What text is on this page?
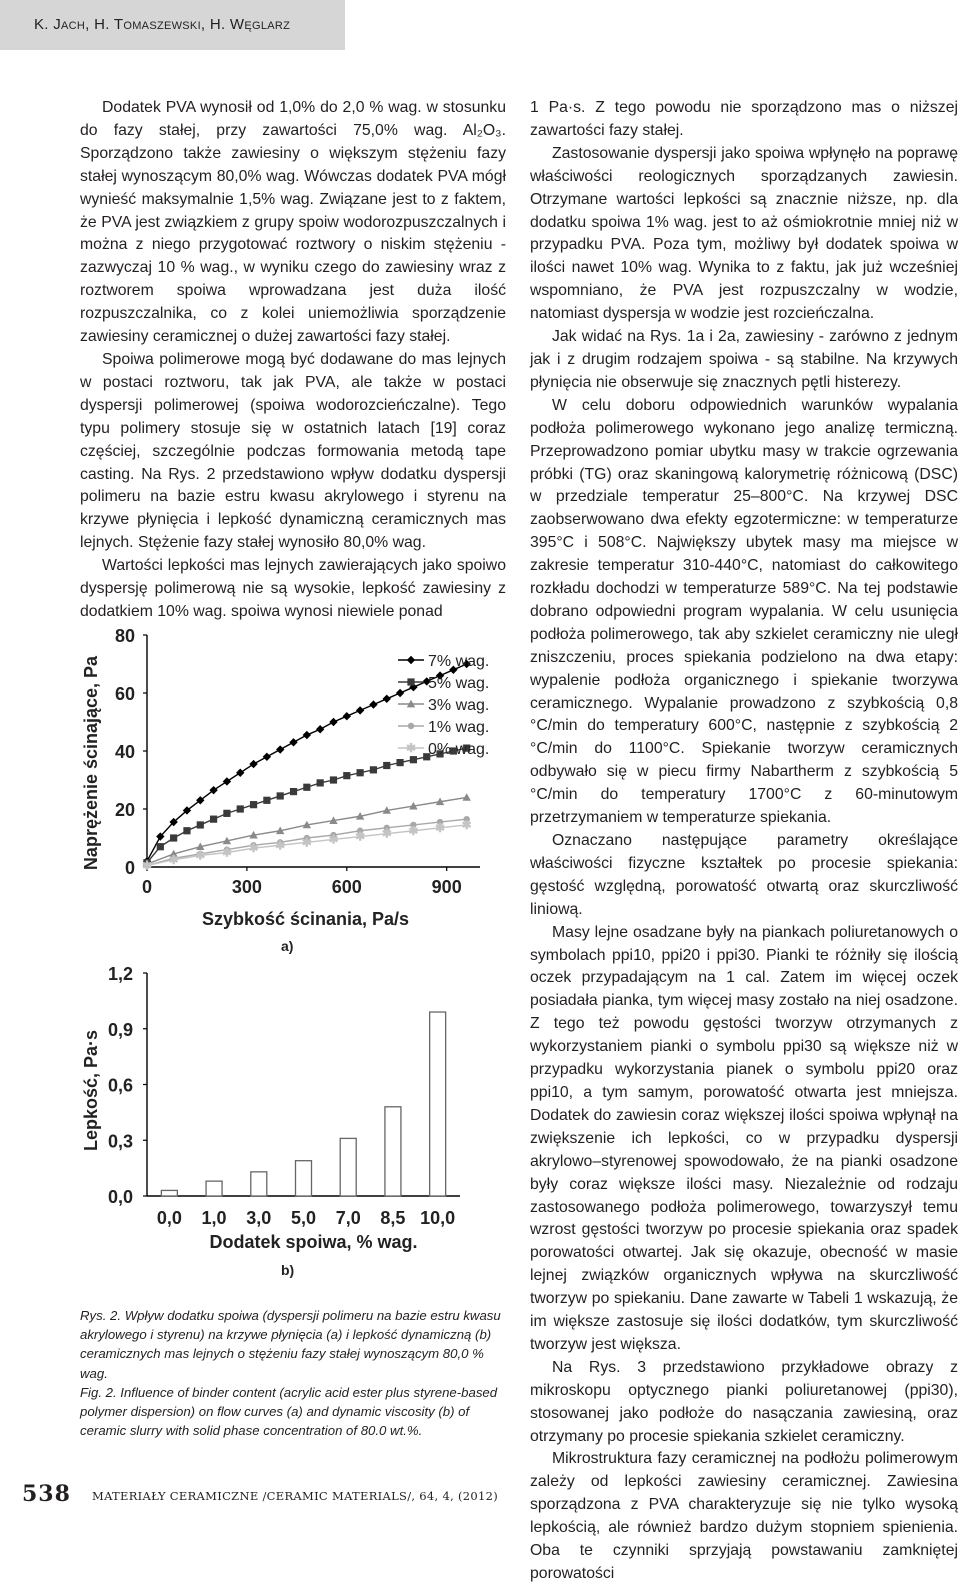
K. Jach, H. Tomaszewski, H. Węglarz

Dodatek PVA wynosił od 1,0% do 2,0 % wag. w stosunku do fazy stałej, przy zawartości 75,0% wag. Al₂O₃. Sporządzono także zawiesiny o większym stężeniu fazy stałej wynoszącym 80,0% wag. Wówczas dodatek PVA mógł wynieść maksymalnie 1,5% wag. Związane jest to z faktem, że PVA jest związkiem z grupy spoiw wodorozpuszczalnych i można z niego przygotować roztwory o niskim stężeniu - zazwyczaj 10 % wag., w wyniku czego do zawiesiny wraz z roztworem spoiwa wprowadzana jest duża ilość rozpuszczalnika, co z kolei uniemożliwia sporządzenie zawiesiny ceramicznej o dużej zawartości fazy stałej.

Spoiwa polimerowe mogą być dodawane do mas lejnych w postaci roztworu, tak jak PVA, ale także w postaci dyspersji polimerowej (spoiwa wodorozcieńczalne). Tego typu polimery stosuje się w ostatnich latach [19] coraz częściej, szczególnie podczas formowania metodą tape casting. Na Rys. 2 przedstawiono wpływ dodatku dyspersji polimeru na bazie estru kwasu akrylowego i styrenu na krzywe płynięcia i lepkość dynamiczną ceramicznych mas lejnych. Stężenie fazy stałej wynosiło 80,0% wag.

Wartości lepkości mas lejnych zawierających jako spoiwo dyspersję polimerową nie są wysokie, lepkość zawiesiny z dodatkiem 10% wag. spoiwa wynosi niewiele ponad

0
20
40
60
80
0	300	600	900
Szybkość ścinania, Pa/s
Naprężenie ścinające, Pa	✱ ✱ ✱ ✱ ✱ ✱ ✱ ✱ ✱ ✱ ✱ ✱ ✱
7% wag.
5% wag.
3% wag.
1% wag.
✱ 0% wag.
a)
0,0
0,3
0,6
0,9
1,2
0,0 1,0 3,0 5,0 7,0 8,5 10,0
Dodatek spoiwa, % wag.
Lepkość, Pa·s
b)

Rys. 2. Wpływ dodatku spoiwa (dyspersji polimeru na bazie estru kwasu akrylowego i styrenu) na krzywe płynięcia (a) i lepkość dynamiczną (b) ceramicznych mas lejnych o stężeniu fazy stałej wynoszącym 80,0 % wag.

Fig. 2. Influence of binder content (acrylic acid ester plus styrene-based polymer dispersion) on flow curves (a) and dynamic viscosity (b) of ceramic slurry with solid phase concentration of 80.0 wt.%.

1 Pa·s. Z tego powodu nie sporządzono mas o niższej zawartości fazy stałej.

Zastosowanie dyspersji jako spoiwa wpłynęło na poprawę właściwości reologicznych sporządzanych zawiesin. Otrzymane wartości lepkości są znacznie niższe, np. dla dodatku spoiwa 1% wag. jest to aż ośmiokrotnie mniej niż w przypadku PVA. Poza tym, możliwy był dodatek spoiwa w ilości nawet 10% wag. Wynika to z faktu, jak już wcześniej wspomniano, że PVA jest rozpuszczalny w wodzie, natomiast dyspersja w wodzie jest rozcieńczalna.

Jak widać na Rys. 1a i 2a, zawiesiny - zarówno z jednym jak i z drugim rodzajem spoiwa - są stabilne. Na krzywych płynięcia nie obserwuje się znacznych pętli histerezy.

W celu doboru odpowiednich warunków wypalania podłoża polimerowego wykonano jego analizę termiczną. Przeprowadzono pomiar ubytku masy w trakcie ogrzewania próbki (TG) oraz skaningową kalorymetrię różnicową (DSC) w przedziale temperatur 25–800°C. Na krzywej DSC zaobserwowano dwa efekty egzotermiczne: w temperaturze 395°C i 508°C. Największy ubytek masy ma miejsce w zakresie temperatur 310-440°C, natomiast do całkowitego rozkładu dochodzi w temperaturze 589°C. Na tej podstawie dobrano odpowiedni program wypalania. W celu usunięcia podłoża polimerowego, tak aby szkielet ceramiczny nie uległ zniszczeniu, proces spiekania podzielono na dwa etapy: wypalenie podłoża organicznego i spiekanie tworzywa ceramicznego. Wypalanie prowadzono z szybkością 0,8 °C/min do temperatury 600°C, następnie z szybkością 2 °C/min do 1100°C. Spiekanie tworzyw ceramicznych odbywało się w piecu firmy Nabartherm z szybkością 5 °C/min do temperatury 1700°C z 60-minutowym przetrzymaniem w temperaturze spiekania.

Oznaczano następujące parametry określające właściwości fizyczne kształtek po procesie spiekania: gęstość względną, porowatość otwartą oraz skurczliwość liniową.

Masy lejne osadzane były na piankach poliuretanowych o symbolach ppi10, ppi20 i ppi30. Pianki te różniły się ilością oczek przypadającym na 1 cal. Zatem im więcej oczek posiadała pianka, tym więcej masy zostało na niej osadzone. Z tego też powodu gęstości tworzyw otrzymanych z wykorzystaniem pianki o symbolu ppi30 są większe niż w przypadku wykorzystania pianek o symbolu ppi20 oraz ppi10, a tym samym, porowatość otwarta jest mniejsza. Dodatek do zawiesin coraz większej ilości spoiwa wpłynął na zwiększenie ich lepkości, co w przypadku dyspersji akrylowo–styrenowej spowodowało, że na pianki osadzone były coraz większe ilości masy. Niezależnie od rodzaju zastosowanego podłoża polimerowego, towarzyszył temu wzrost gęstości tworzyw po procesie spiekania oraz spadek porowatości otwartej. Jak się okazuje, obecność w masie lejnej związków organicznych wpływa na skurczliwość tworzyw po spiekaniu. Dane zawarte w Tabeli 1 wskazują, że im większe zastosuje się ilości dodatków, tym skurczliwość tworzyw jest większa.

Na Rys. 3 przedstawiono przykładowe obrazy z mikroskopu optycznego pianki poliuretanowej (ppi30), stosowanej jako podłoże do nasączania zawiesiną, oraz otrzymany po procesie spiekania szkielet ceramiczny.

Mikrostruktura fazy ceramicznej na podłożu polimerowym zależy od lepkości zawiesiny ceramicznej. Zawiesina sporządzona z PVA charakteryzuje się nie tylko wysoką lepkością, ale również bardzo dużym stopniem spienienia. Oba te czynniki sprzyjają powstawaniu zamkniętej porowatości

538 MATERIAŁY CERAMICZNE /CERAMIC MATERIALS/, 64, 4, (2012)
